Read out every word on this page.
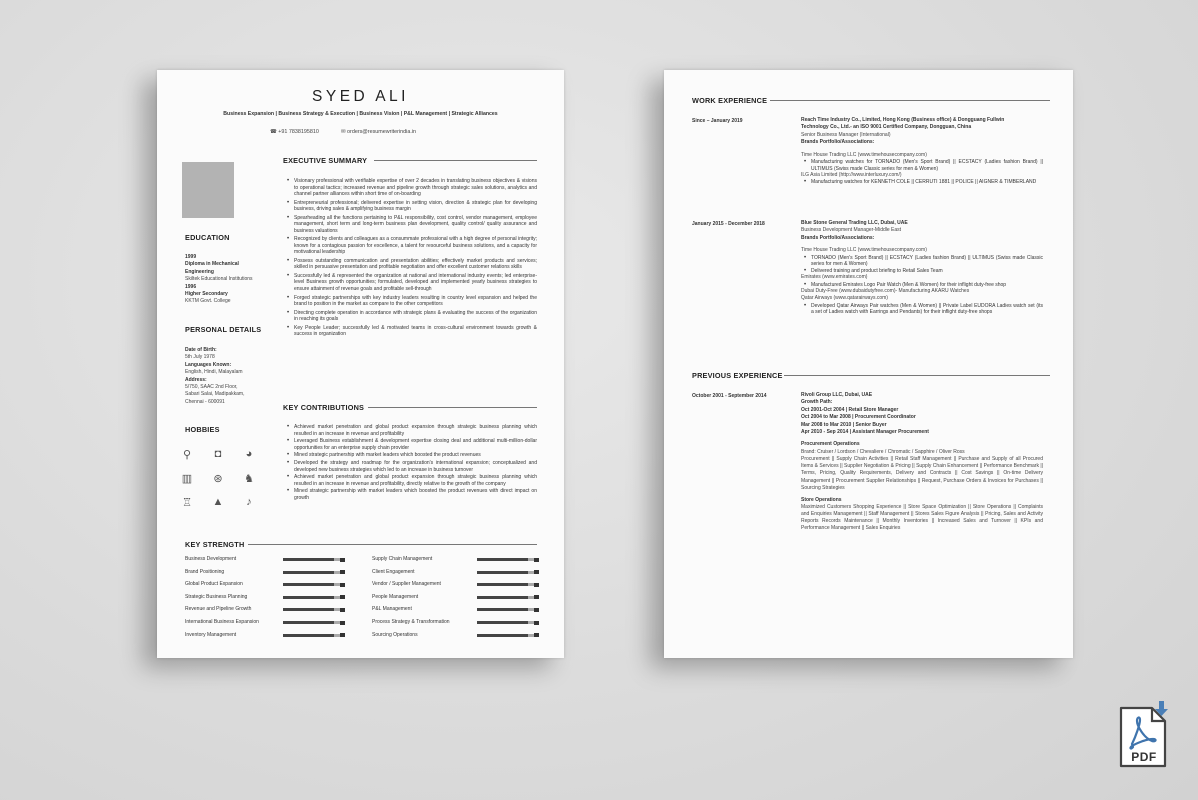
SYED ALI
Business Expansion | Business Strategy & Execution | Business Vision | P&L Management | Strategic Alliances
☎ +91 7838195810	✉ orders@resumewriterindia.in
EDUCATION
1999
Diploma in Mechanical
Engineering
Skiltek Educational Institutions
1996
Higher Secondary
KKTM Govt. College
PERSONAL DETAILS
Date of Birth:
5th July 1978
Languages Known:
English, Hindi, Malayalam
Address:
5/750, SAAC 2nd Floor,
Sabari Salai, Madipakkam,
Chennai - 600091
HOBBIES
⚲	◘	◕
▥	⊛	♞
♖ ▲	♪
EXECUTIVE SUMMARY
• Visionary professional with verifiable expertise of over 2 decades in translating business objectives & visions to operational tactics; increased revenue and pipeline growth through strategic sales solutions, analytics and channel partner alliances within short time of on-boarding
• Entrepreneurial professional; delivered expertise in setting vision, direction & strategic plan for developing business, driving sales & amplifying business margin
• Spearheading all the functions pertaining to P&L responsibility, cost control, vendor management, employee management, short term and long-term business plan development, quality control/ quality assurance and business valuations
• Recognized by clients and colleagues as a consummate professional with a high degree of personal integrity; known for a contagious passion for excellence, a talent for resourceful business solutions, and a capacity for motivational leadership
• Possess outstanding communication and presentation abilities; effectively market products and services; skilled in persuasive presentation and profitable negotiation and offer excellent customer relations skills
• Successfully led & represented the organization at national and international industry events; led enterprise-level Business growth opportunities; formulated, developed and implemented yearly business strategies to ensure attainment of revenue goals and profitable sell-through
• Forged strategic partnerships with key industry leaders resulting in country level expansion and helped the brand to position in the market as compare to the other competitors
• Directing complete operation in accordance with strategic plans & evaluating the success of the organization in reaching its goals
• Key People Leader; successfully led & motivated teams in cross-cultural environment towards growth & success in organization
KEY CONTRIBUTIONS
• Achieved market penetration and global product expansion through strategic business planning which resulted in an increase in revenue and profitability
• Leveraged Business establishment & development expertise closing deal and additional multi-million-dollar opportunities for an enterprise supply chain provider
• Mined strategic partnership with market leaders which boosted the product revenues
• Developed the strategy and roadmap for the organization's international expansion; conceptualized and developed new business strategies which led to an increase in business turnover
• Achieved market penetration and global product expansion through strategic business planning which resulted in an increase in revenue and profitability, directly relative to the growth of the company
• Mined strategic partnership with market leaders which boosted the product revenues with direct impact on growth
KEY STRENGTH
Business Development
Brand Positioning
Global Product Expansion
Strategic Business Planning
Revenue and Pipeline Growth
International Business Expansion
Inventory Management
Supply Chain Management
Client Engagement
Vendor / Supplier Management
People Management
P&L Management
Process Strategy & Transformation
Sourcing Operations
WORK EXPERIENCE
Since – January 2019	Reach Time Industry Co., Limited, Hong Kong (Business office) & Dongguang Fullwin
Technology Co., Ltd.- an ISO 9001 Certified Company, Dongguan, China
Senior Business Manager (International)
Brands Portfolio/Associations:
Time House Trading LLC (www.timehousecompany.com)
• Manufacturing watches for TORNADO (Men's Sport Brand) || ECSTACY (Ladies fashion Brand) || ULTIMUS (Swiss made Classic series for men & Women)
ILG Asia Limited (http://www.interluxury.com/)
• Manufacturing watches for KENNETH COLE || CERRUTI 1881 || POLICE || AIGNER & TIMBERLAND
January 2015 - December 2018	Blue Stone General Trading LLC, Dubai, UAE
Business Development Manager-Middle East
Brands Portfolio/Associations:
Time House Trading LLC (www.timehousecompany.com)
• TORNADO (Men's Sport Brand) || ECSTACY (Ladies fashion Brand) || ULTIMUS (Swiss made Classic series for men & Women)
• Delivered training and product briefing to Retail Sales Team
Emirates (www.emirates.com)
• Manufactured Emirates Logo Pair Watch (Men & Women) for their inflight duty-free shop
Dubai Duty-Free (www.dubaidutyfree.com)- Manufacturing AKARU Watches
Qatar Airways (www.qatarairways.com)
• Developed Qatar Airways Pair watches (Men & Women) || Private Label EUDORA Ladies watch set (its a set of Ladies watch with Earrings and Pendants) for their inflight duty-free shops
PREVIOUS EXPERIENCE
October 2001 - September 2014	Rivoli Group LLC, Dubai, UAE
Growth Path:
Oct 2001-Oct 2004 | Retail Store Manager
Oct 2004 to Mar 2008 | Procurement Coordinator
Mar 2008 to Mar 2010 | Senior Buyer
Apr 2010 - Sep 2014 | Assistant Manager Procurement
Procurement Operations
Brand: Cruiser / Lordson / Chevaliere / Chromatic / Sapphire / Oliver Ross
Procurement || Supply Chain Activities || Retail Staff Management || Purchase and Supply of all Procured Items & Services || Supplier Negotiation & Pricing || Supply Chain Enhancement || Performance Benchmark || Terms, Pricing, Quality Requirements, Delivery and Contracts || Cost Savings || On-time Delivery Management || Procurement Supplier Relationships || Request, Purchase Orders & Invoices for Purchases || Sourcing Strategies
Store Operations
Maximized Customers Shopping Experience || Store Space Optimization || Store Operations || Complaints and Enquiries Management || Staff Management || Stores Sales Figure Analysis || Pricing, Sales and Activity Reports Records Maintenance || Monthly Inventories || Increased Sales and Turnover || KPIs and Performance Management || Sales Enquiries
PDF
